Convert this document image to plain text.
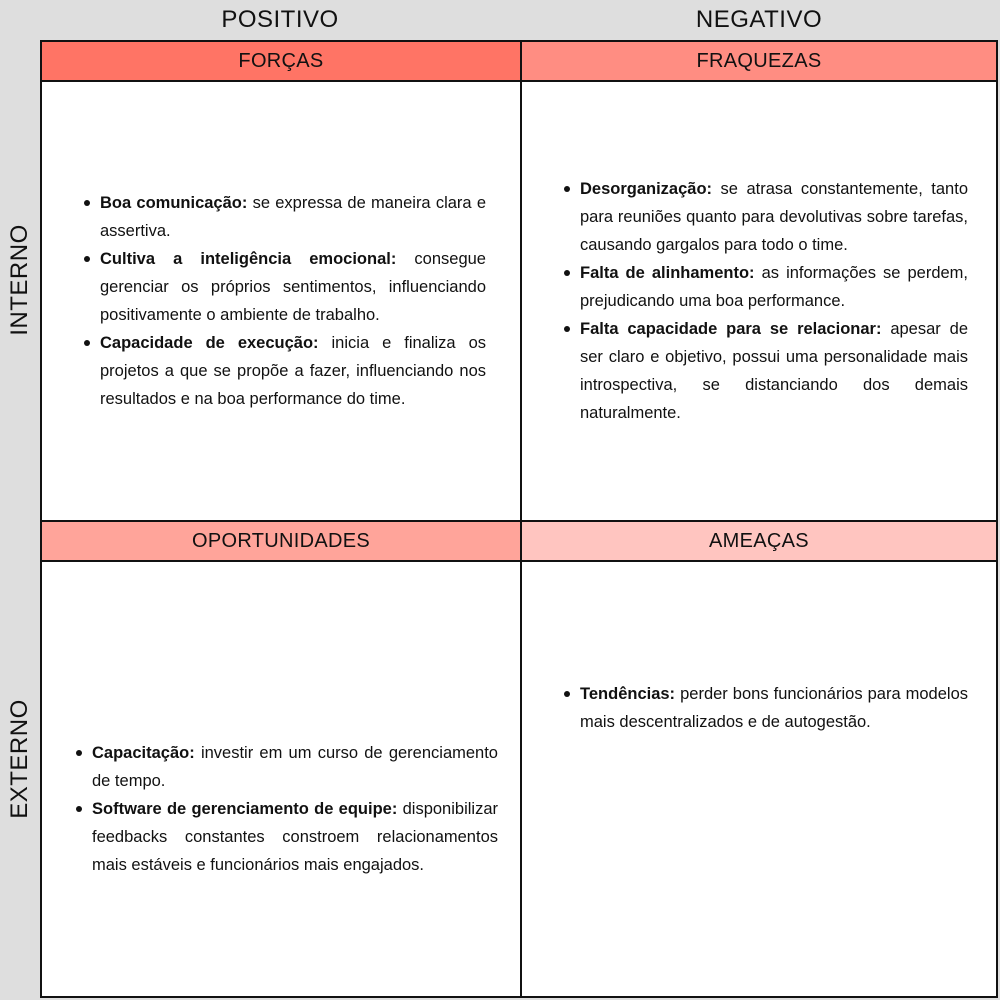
POSITIVO	NEGATIVO
INTERNO
EXTERNO
FORÇAS
Boa comunicação: se expressa de maneira clara e assertiva.
Cultiva a inteligência emocional: consegue gerenciar os próprios sentimentos, influenciando positivamente o ambiente de trabalho.
Capacidade de execução: inicia e finaliza os projetos a que se propõe a fazer, influenciando nos resultados e na boa performance do time.
FRAQUEZAS
Desorganização: se atrasa constantemente, tanto para reuniões quanto para devolutivas sobre tarefas, causando gargalos para todo o time.
Falta de alinhamento: as informações se perdem, prejudicando uma boa performance.
Falta capacidade para se relacionar: apesar de ser claro e objetivo, possui uma personalidade mais introspectiva, se distanciando dos demais naturalmente.
OPORTUNIDADES
Capacitação: investir em um curso de gerenciamento de tempo.
Software de gerenciamento de equipe: disponibilizar feedbacks constantes constroem relacionamentos mais estáveis e funcionários mais engajados.
AMEAÇAS
Tendências: perder bons funcionários para modelos mais descentralizados e de autogestão.
